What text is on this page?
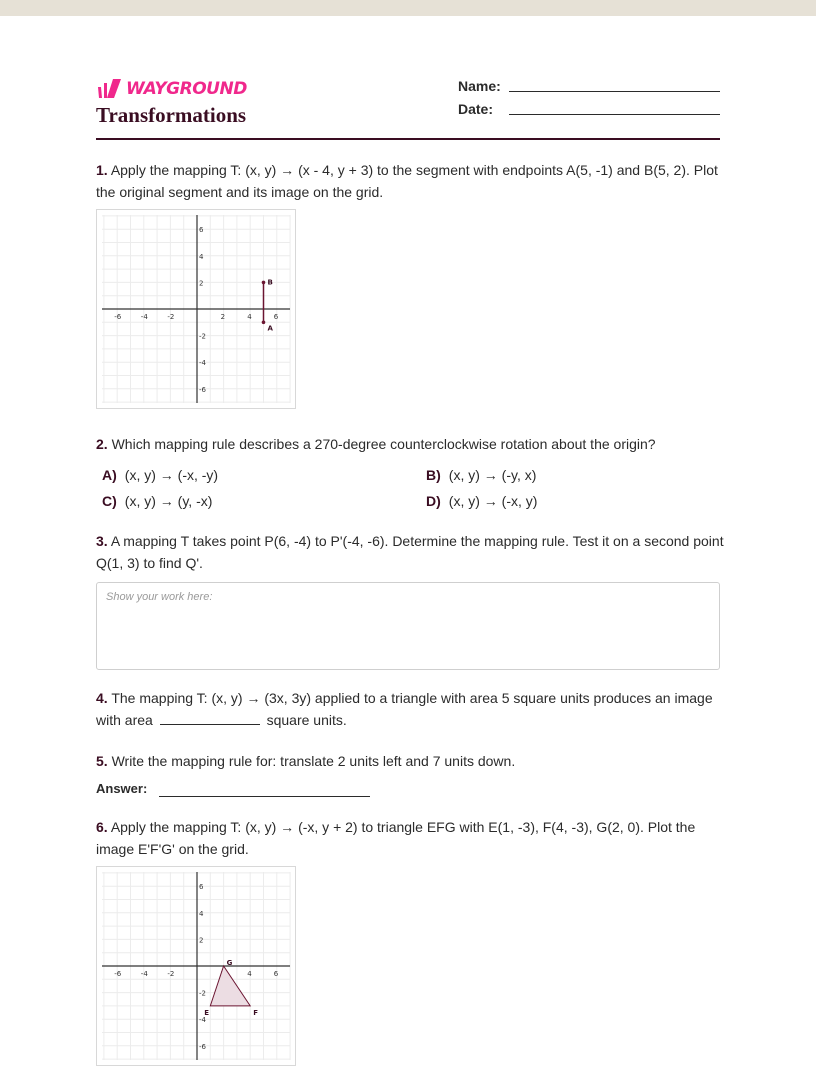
WAYGROUND
Transformations
Name:
Date:
1. Apply the mapping T: (x, y) → (x - 4, y + 3) to the segment with endpoints A(5, -1) and B(5, 2). Plot the original segment and its image on the grid.
-6	-4	-2	2	4	6
6
4
2
-2
-4
-6
A
B
2. Which mapping rule describes a 270-degree counterclockwise rotation about the origin?
A) (x, y) → (-x, -y)	B) (x, y) → (-y, x)
C) (x, y) → (y, -x)	D) (x, y) → (-x, y)
3. A mapping T takes point P(6, -4) to P'(-4, -6). Determine the mapping rule. Test it on a second point Q(1, 3) to find Q'.
Show your work here:
4. The mapping T: (x, y) → (3x, 3y) applied to a triangle with area 5 square units produces an image with area	square units.
5. Write the mapping rule for: translate 2 units left and 7 units down.
Answer:
6. Apply the mapping T: (x, y) → (-x, y + 2) to triangle EFG with E(1, -3), F(4, -3), G(2, 0). Plot the image E'F'G' on the grid.
-6	-4	-2	4	6
6
4
2
-2
-4
-6
E	F
G
